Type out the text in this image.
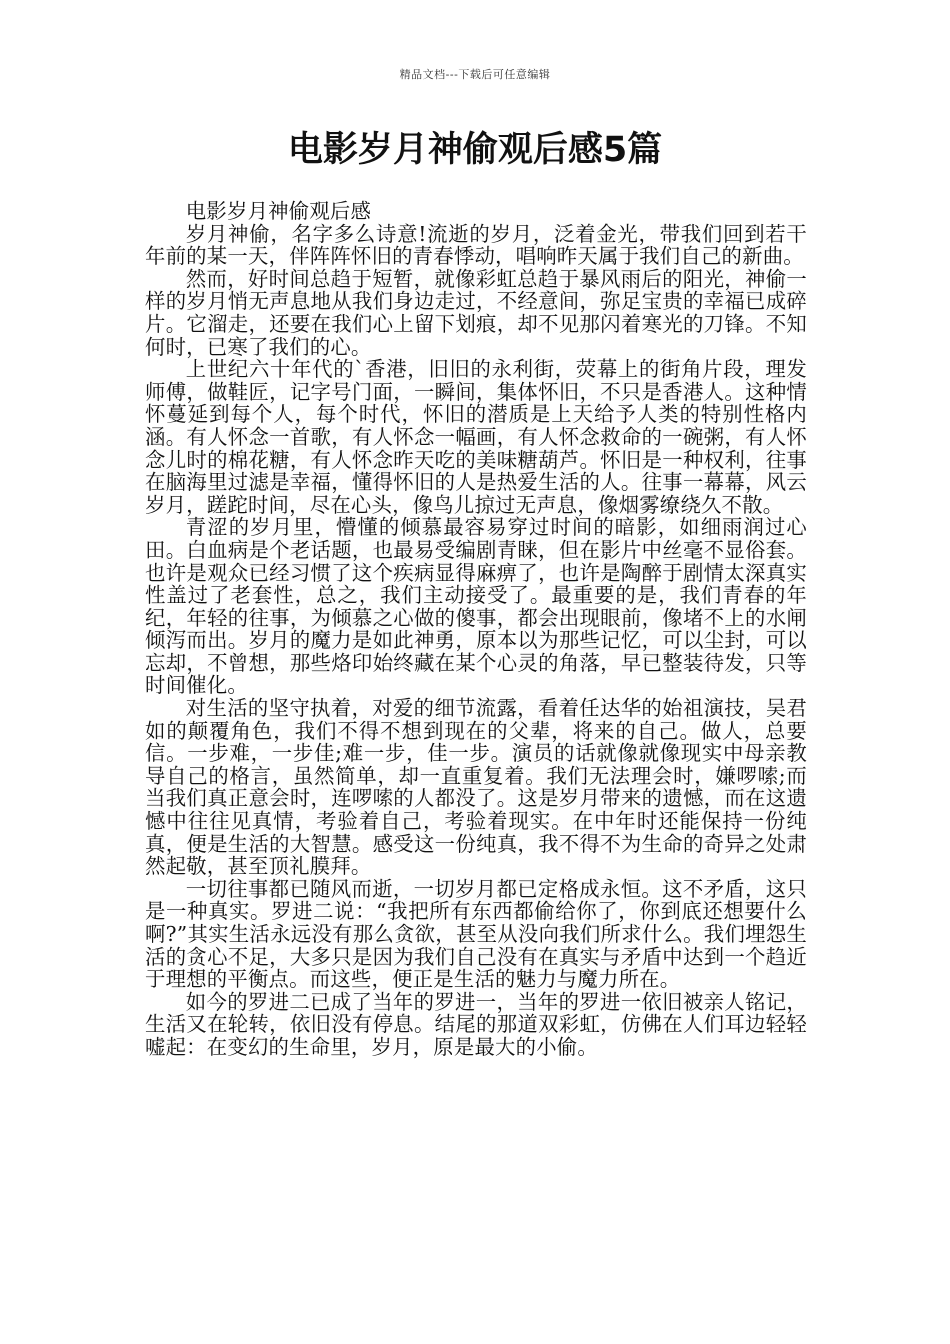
精品文档---下载后可任意编辑
电影岁月神偷观后感5篇

电影岁月神偷观后感

岁月神偷，名字多么诗意!流逝的岁月，泛着金光，带我们回到若干年前的某一天，伴阵阵怀旧的青春悸动，唱响昨天属于我们自己的新曲。

然而，好时间总趋于短暂，就像彩虹总趋于暴风雨后的阳光，神偷一样的岁月悄无声息地从我们身边走过，不经意间，弥足宝贵的幸福已成碎片。它溜走，还要在我们心上留下划痕，却不见那闪着寒光的刀锋。不知何时，已寒了我们的心。

上世纪六十年代的`香港，旧旧的永利街，荧幕上的街角片段，理发师傅，做鞋匠，记字号门面，一瞬间，集体怀旧，不只是香港人。这种情怀蔓延到每个人，每个时代，怀旧的潜质是上天给予人类的特别性格内涵。有人怀念一首歌，有人怀念一幅画，有人怀念救命的一碗粥，有人怀念儿时的棉花糖，有人怀念昨天吃的美味糖葫芦。怀旧是一种权利，往事在脑海里过滤是幸福，懂得怀旧的人是热爱生活的人。往事一幕幕，风云岁月，蹉跎时间，尽在心头，像鸟儿掠过无声息，像烟雾缭绕久不散。

青涩的岁月里，懵懂的倾慕最容易穿过时间的暗影，如细雨润过心田。白血病是个老话题，也最易受编剧青睐，但在影片中丝毫不显俗套。也许是观众已经习惯了这个疾病显得麻痹了，也许是陶醉于剧情太深真实性盖过了老套性，总之，我们主动接受了。最重要的是，我们青春的年纪，年轻的往事，为倾慕之心做的傻事，都会出现眼前，像堵不上的水闸倾泻而出。岁月的魔力是如此神勇，原本以为那些记忆，可以尘封，可以忘却，不曾想，那些烙印始终藏在某个心灵的角落，早已整装待发，只等时间催化。

对生活的坚守执着，对爱的细节流露，看着任达华的始祖演技，吴君如的颠覆角色，我们不得不想到现在的父辈，将来的自己。做人，总要信。一步难，一步佳;难一步，佳一步。演员的话就像就像现实中母亲教导自己的格言，虽然简单，却一直重复着。我们无法理会时，嫌啰嗦;而当我们真正意会时，连啰嗦的人都没了。这是岁月带来的遗憾，而在这遗憾中往往见真情，考验着自己，考验着现实。在中年时还能保持一份纯真，便是生活的大智慧。感受这一份纯真，我不得不为生命的奇异之处肃然起敬，甚至顶礼膜拜。

一切往事都已随风而逝，一切岁月都已定格成永恒。这不矛盾，这只是一种真实。罗进二说：“我把所有东西都偷给你了，你到底还想要什么啊?”其实生活永远没有那么贪欲，甚至从没向我们所求什么。我们埋怨生活的贪心不足，大多只是因为我们自己没有在真实与矛盾中达到一个趋近于理想的平衡点。而这些，便正是生活的魅力与魔力所在。

如今的罗进二已成了当年的罗进一，当年的罗进一依旧被亲人铭记，生活又在轮转，依旧没有停息。结尾的那道双彩虹，仿佛在人们耳边轻轻嘘起：在变幻的生命里，岁月，原是最大的小偷。
